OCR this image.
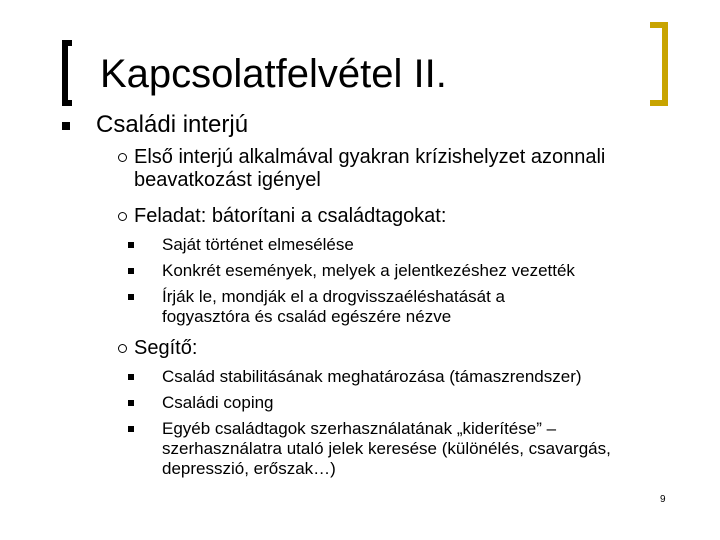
Kapcsolatfelvétel II.
Családi interjú
Első interjú alkalmával gyakran krízishelyzet azonnali beavatkozást igényel
Feladat: bátorítani a családtagokat:
Saját történet elmesélése
Konkrét események, melyek a jelentkezéshez vezették
Írják le, mondják el a drogvisszaéléshatását a fogyasztóra és család egészére nézve
Segítő:
Család stabilitásának meghatározása (támaszrendszer)
Családi coping
Egyéb családtagok szerhasználatának „kiderítése” – szerhasználatra utaló jelek keresése (különélés, csavargás, depresszió, erőszak…)
9
